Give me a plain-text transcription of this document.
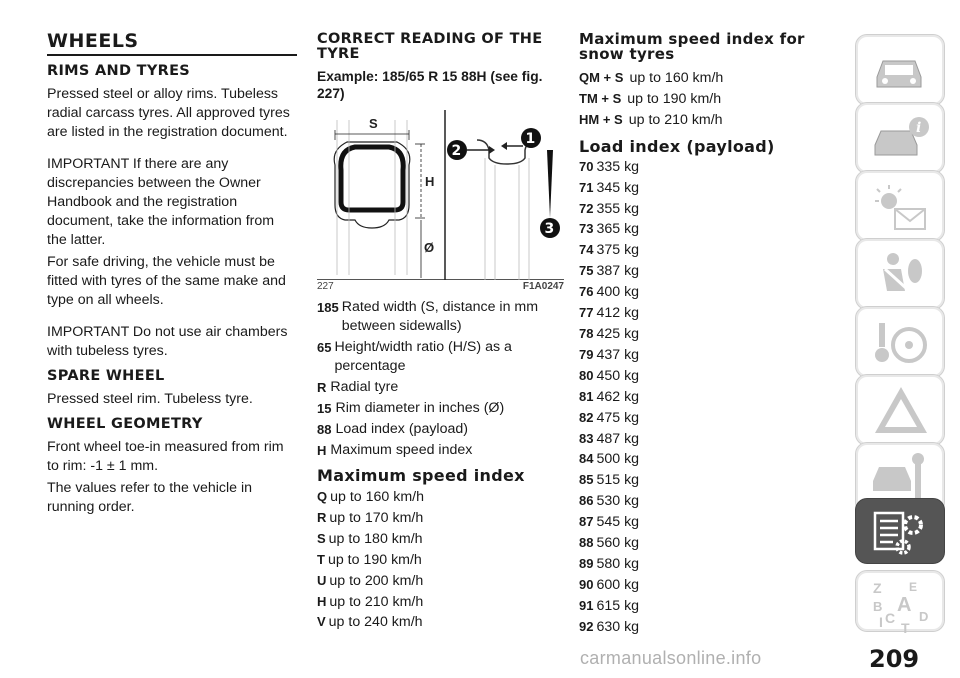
WHEELS
RIMS AND TYRES
Pressed steel or alloy rims. Tubeless radial carcass tyres. All approved tyres are listed in the registration document.
IMPORTANT If there are any discrepancies between the Owner Handbook and the registration document, take the information from the latter.
For safe driving, the vehicle must be fitted with tyres of the same make and type on all wheels.
IMPORTANT Do not use air chambers with tubeless tyres.
SPARE WHEEL
Pressed steel rim. Tubeless tyre.
WHEEL GEOMETRY
Front wheel toe-in measured from rim to rim: -1 ± 1 mm.
The values refer to the vehicle in running order.
CORRECT READING OF THE TYRE
Example: 185/65 R 15 88H (see fig. 227)
S
H
Ø
2
1
3
227	F1A0247
185 Rated width (S, distance in mm between sidewalls)
65 Height/width ratio (H/S) as a percentage
R Radial tyre
15 Rim diameter in inches (Ø)
88 Load index (payload)
H Maximum speed index
Maximum speed index
Q up to 160 km/h
R up to 170 km/h
S up to 180 km/h
T up to 190 km/h
U up to 200 km/h
H up to 210 km/h
V up to 240 km/h
Maximum speed index for snow tyres
QM + S up to 160 km/h
TM + S up to 190 km/h
HM + S up to 210 km/h
Load index (payload)
70 335 kg
71 345 kg
72 355 kg
73 365 kg
74 375 kg
75 387 kg
76 400 kg
77 412 kg
78 425 kg
79 437 kg
80 450 kg
81 462 kg
82 475 kg
83 487 kg
84 500 kg
85 515 kg
86 530 kg
87 545 kg
88 560 kg
89 580 kg
90 600 kg
91 615 kg
92 630 kg
i
Z E
A
B
C D
I T
carmanualsonline.info	209
